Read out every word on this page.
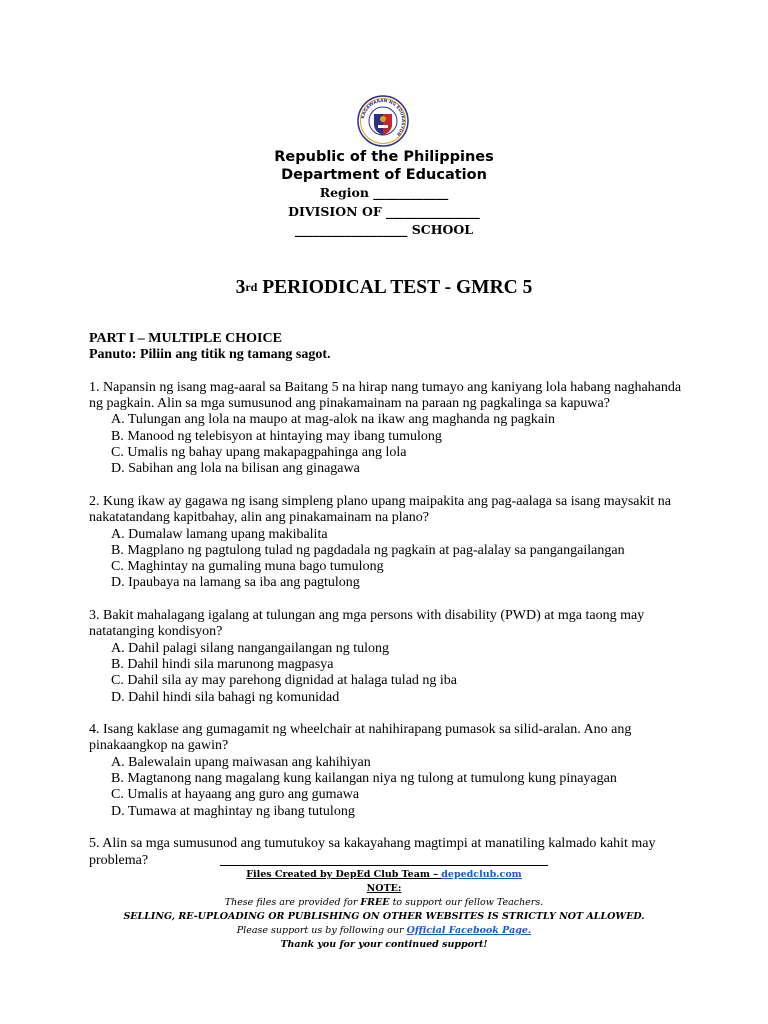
KAGAWARAN NG EDUKASYON
Republic of the Philippines
Department of Education
Region ____________
DIVISION OF _______________
__________________ SCHOOL
3rd PERIODICAL TEST - GMRC 5
PART I – MULTIPLE CHOICE
Panuto: Piliin ang titik ng tamang sagot.
1. Napansin ng isang mag-aaral sa Baitang 5 na hirap nang tumayo ang kaniyang lola habang naghahanda ng pagkain. Alin sa mga sumusunod ang pinakamainam na paraan ng pagkalinga sa kapuwa?
A. Tulungan ang lola na maupo at mag-alok na ikaw ang maghanda ng pagkain
B. Manood ng telebisyon at hintaying may ibang tumulong
C. Umalis ng bahay upang makapagpahinga ang lola
D. Sabihan ang lola na bilisan ang ginagawa
2. Kung ikaw ay gagawa ng isang simpleng plano upang maipakita ang pag-aalaga sa isang maysakit na nakatatandang kapitbahay, alin ang pinakamainam na plano?
A. Dumalaw lamang upang makibalita
B. Magplano ng pagtulong tulad ng pagdadala ng pagkain at pag-alalay sa pangangailangan
C. Maghintay na gumaling muna bago tumulong
D. Ipaubaya na lamang sa iba ang pagtulong
3. Bakit mahalagang igalang at tulungan ang mga persons with disability (PWD) at mga taong may natatanging kondisyon?
A. Dahil palagi silang nangangailangan ng tulong
B. Dahil hindi sila marunong magpasya
C. Dahil sila ay may parehong dignidad at halaga tulad ng iba
D. Dahil hindi sila bahagi ng komunidad
4. Isang kaklase ang gumagamit ng wheelchair at nahihirapang pumasok sa silid-aralan. Ano ang pinakaangkop na gawin?
A. Balewalain upang maiwasan ang kahihiyan
B. Magtanong nang magalang kung kailangan niya ng tulong at tumulong kung pinayagan
C. Umalis at hayaang ang guro ang gumawa
D. Tumawa at maghintay ng ibang tutulong
5. Alin sa mga sumusunod ang tumutukoy sa kakayahang magtimpi at manatiling kalmado kahit may problema?
Files Created by DepEd Club Team – depedclub.com
NOTE:
These files are provided for FREE to support our fellow Teachers.
SELLING, RE-UPLOADING OR PUBLISHING ON OTHER WEBSITES IS STRICTLY NOT ALLOWED.
Please support us by following our Official Facebook Page.
Thank you for your continued support!
